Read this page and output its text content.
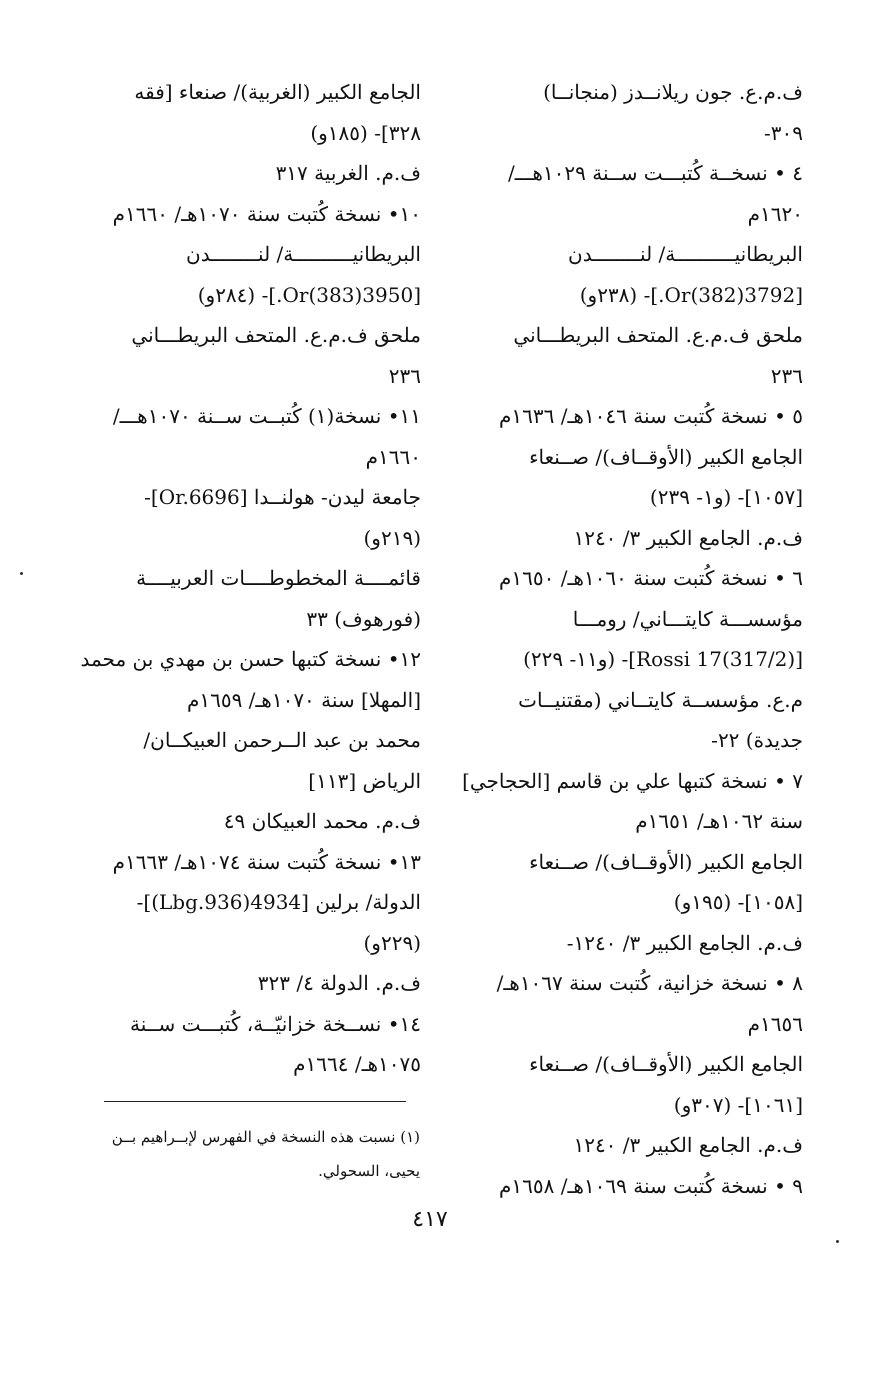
ف.م.ع. جون ريلانــدز (منجانــا)
٣٠٩-
٤ • نسخــة كُتبـــت ســنة ١٠٢٩هـــ/
١٦٢٠م
البريطانيــــــــــة/ لنــــــــدن
[3792(382)Or.]- (٢٣٨و)
ملحق ف.م.ع. المتحف البريطـــاني
٢٣٦
٥ • نسخة كُتبت سنة ١٠٤٦هـ/ ١٦٣٦م
الجامع الكبير (الأوقــاف)/ صــنعاء
[١٠٥٧]- (و١- ٢٣٩)
ف.م. الجامع الكبير ٣/ ١٢٤٠
٦ • نسخة كُتبت سنة ١٠٦٠هـ/ ١٦٥٠م
مؤسســـة كايتـــاني/ رومـــا
[Rossi 17(317/2)]- (و١١- ٢٢٩)
م.ع. مؤسســة كايتــاني (مقتنيــات
جديدة) ٢٢-
٧ • نسخة كتبها علي بن قاسم [الحجاجي]
سنة ١٠٦٢هـ/ ١٦٥١م
الجامع الكبير (الأوقــاف)/ صــنعاء
[١٠٥٨]- (١٩٥و)
ف.م. الجامع الكبير ٣/ ١٢٤٠-
٨ • نسخة خزانية، كُتبت سنة ١٠٦٧هـ/
١٦٥٦م
الجامع الكبير (الأوقــاف)/ صــنعاء
[١٠٦١]- (٣٠٧و)
ف.م. الجامع الكبير ٣/ ١٢٤٠
٩ • نسخة كُتبت سنة ١٠٦٩هـ/ ١٦٥٨م
الجامع الكبير (الغربية)/ صنعاء [فقه
٣٢٨]- (١٨٥و)
ف.م. الغربية ٣١٧
١٠• نسخة كُتبت سنة ١٠٧٠هـ/ ١٦٦٠م
البريطانيــــــــــة/ لنــــــــدن
[3950(383)Or.]- (٢٨٤و)
ملحق ف.م.ع. المتحف البريطـــاني
٢٣٦
١١• نسخة(١) كُتبــت ســنة ١٠٧٠هـــ/
١٦٦٠م
جامعة ليدن- هولنــدا [Or.6696]-
(٢١٩و)
قائمــــة المخطوطــــات العربيــــة
(فورهوف) ٣٣
١٢• نسخة كتبها حسن بن مهدي بن محمد
[المهلا] سنة ١٠٧٠هـ/ ١٦٥٩م
محمد بن عبد الــرحمن العبيكــان/
الرياض [١١٣]
ف.م. محمد العبيكان ٤٩
١٣• نسخة كُتبت سنة ١٠٧٤هـ/ ١٦٦٣م
الدولة/ برلين [4934(Lbg.936)]-
(٢٢٩و)
ف.م. الدولة ٤/ ٣٢٣
١٤• نســخة خزانيّــة، كُتبـــت ســنة
١٠٧٥هـ/ ١٦٦٤م
(١) نسبت هذه النسخة في الفهرس لإبــراهيم بــن
يحيى، السحولي.
٤١٧
